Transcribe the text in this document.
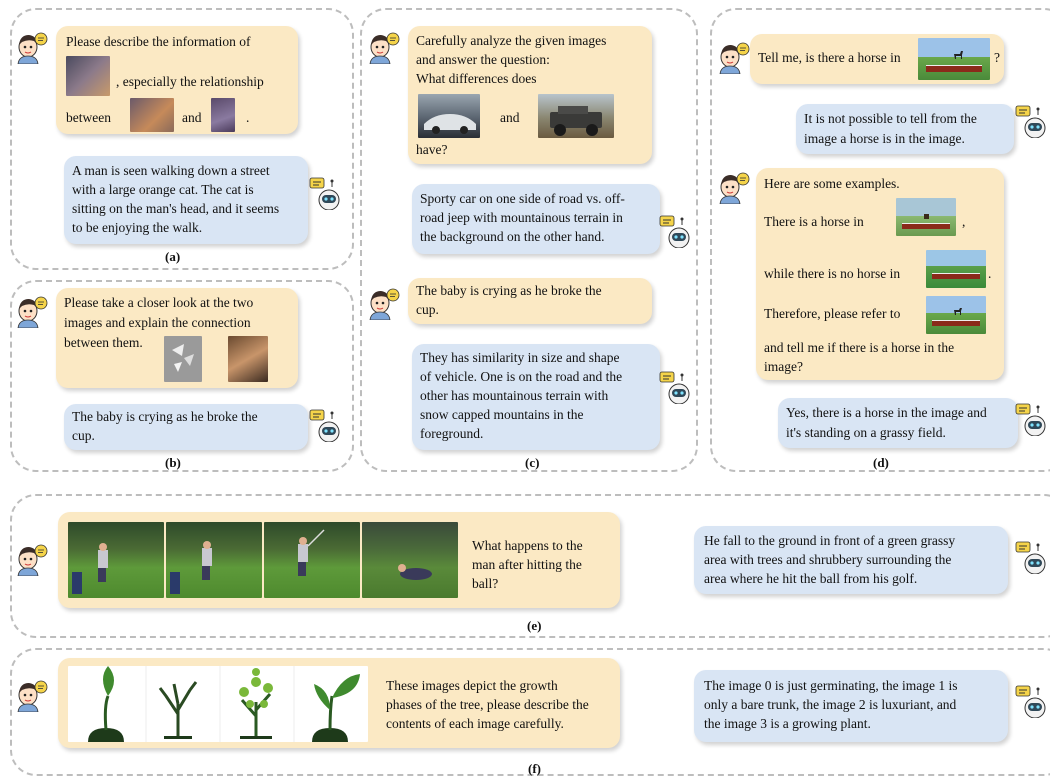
Please describe the information of
, especially the relationship
between	and	.
A man is seen walking down a street
with a large orange cat. The cat is
sitting on the man's head, and it seems
to be enjoying the walk.
(a)
Please take a closer look at the two
images and explain the connection
between them.
The baby is crying as he broke the
cup.
(b)
Carefully analyze the given images
and answer the question:
What differences does
and
have?
Sporty car on one side of road vs. off-
road jeep with mountainous terrain in
the background on the other hand.
The baby is crying as he broke the
cup.
They has similarity in size and shape
of vehicle. One is on the road and the
other has mountainous terrain with
snow capped mountains in the
foreground.
(c)
Tell me, is there a horse in	?
It is not possible to tell from the
image a horse is in the image.
Here are some examples.
There is a horse in	,
while there is no horse in	.
Therefore, please refer to
and tell me if there is a horse in the
image?
Yes, there is a horse in the image and
it's standing on a grassy field.
(d)
What happens to the
man after hitting the
ball?
He fall to the ground in front of a green grassy
area with trees and shrubbery surrounding the
area where he hit the ball from his golf.
(e)
These images depict the growth
phases of the tree, please describe the
contents of each image carefully.
The image 0 is just germinating, the image 1 is
only a bare trunk, the image 2 is luxuriant, and
the image 3 is a growing plant.
(f)
